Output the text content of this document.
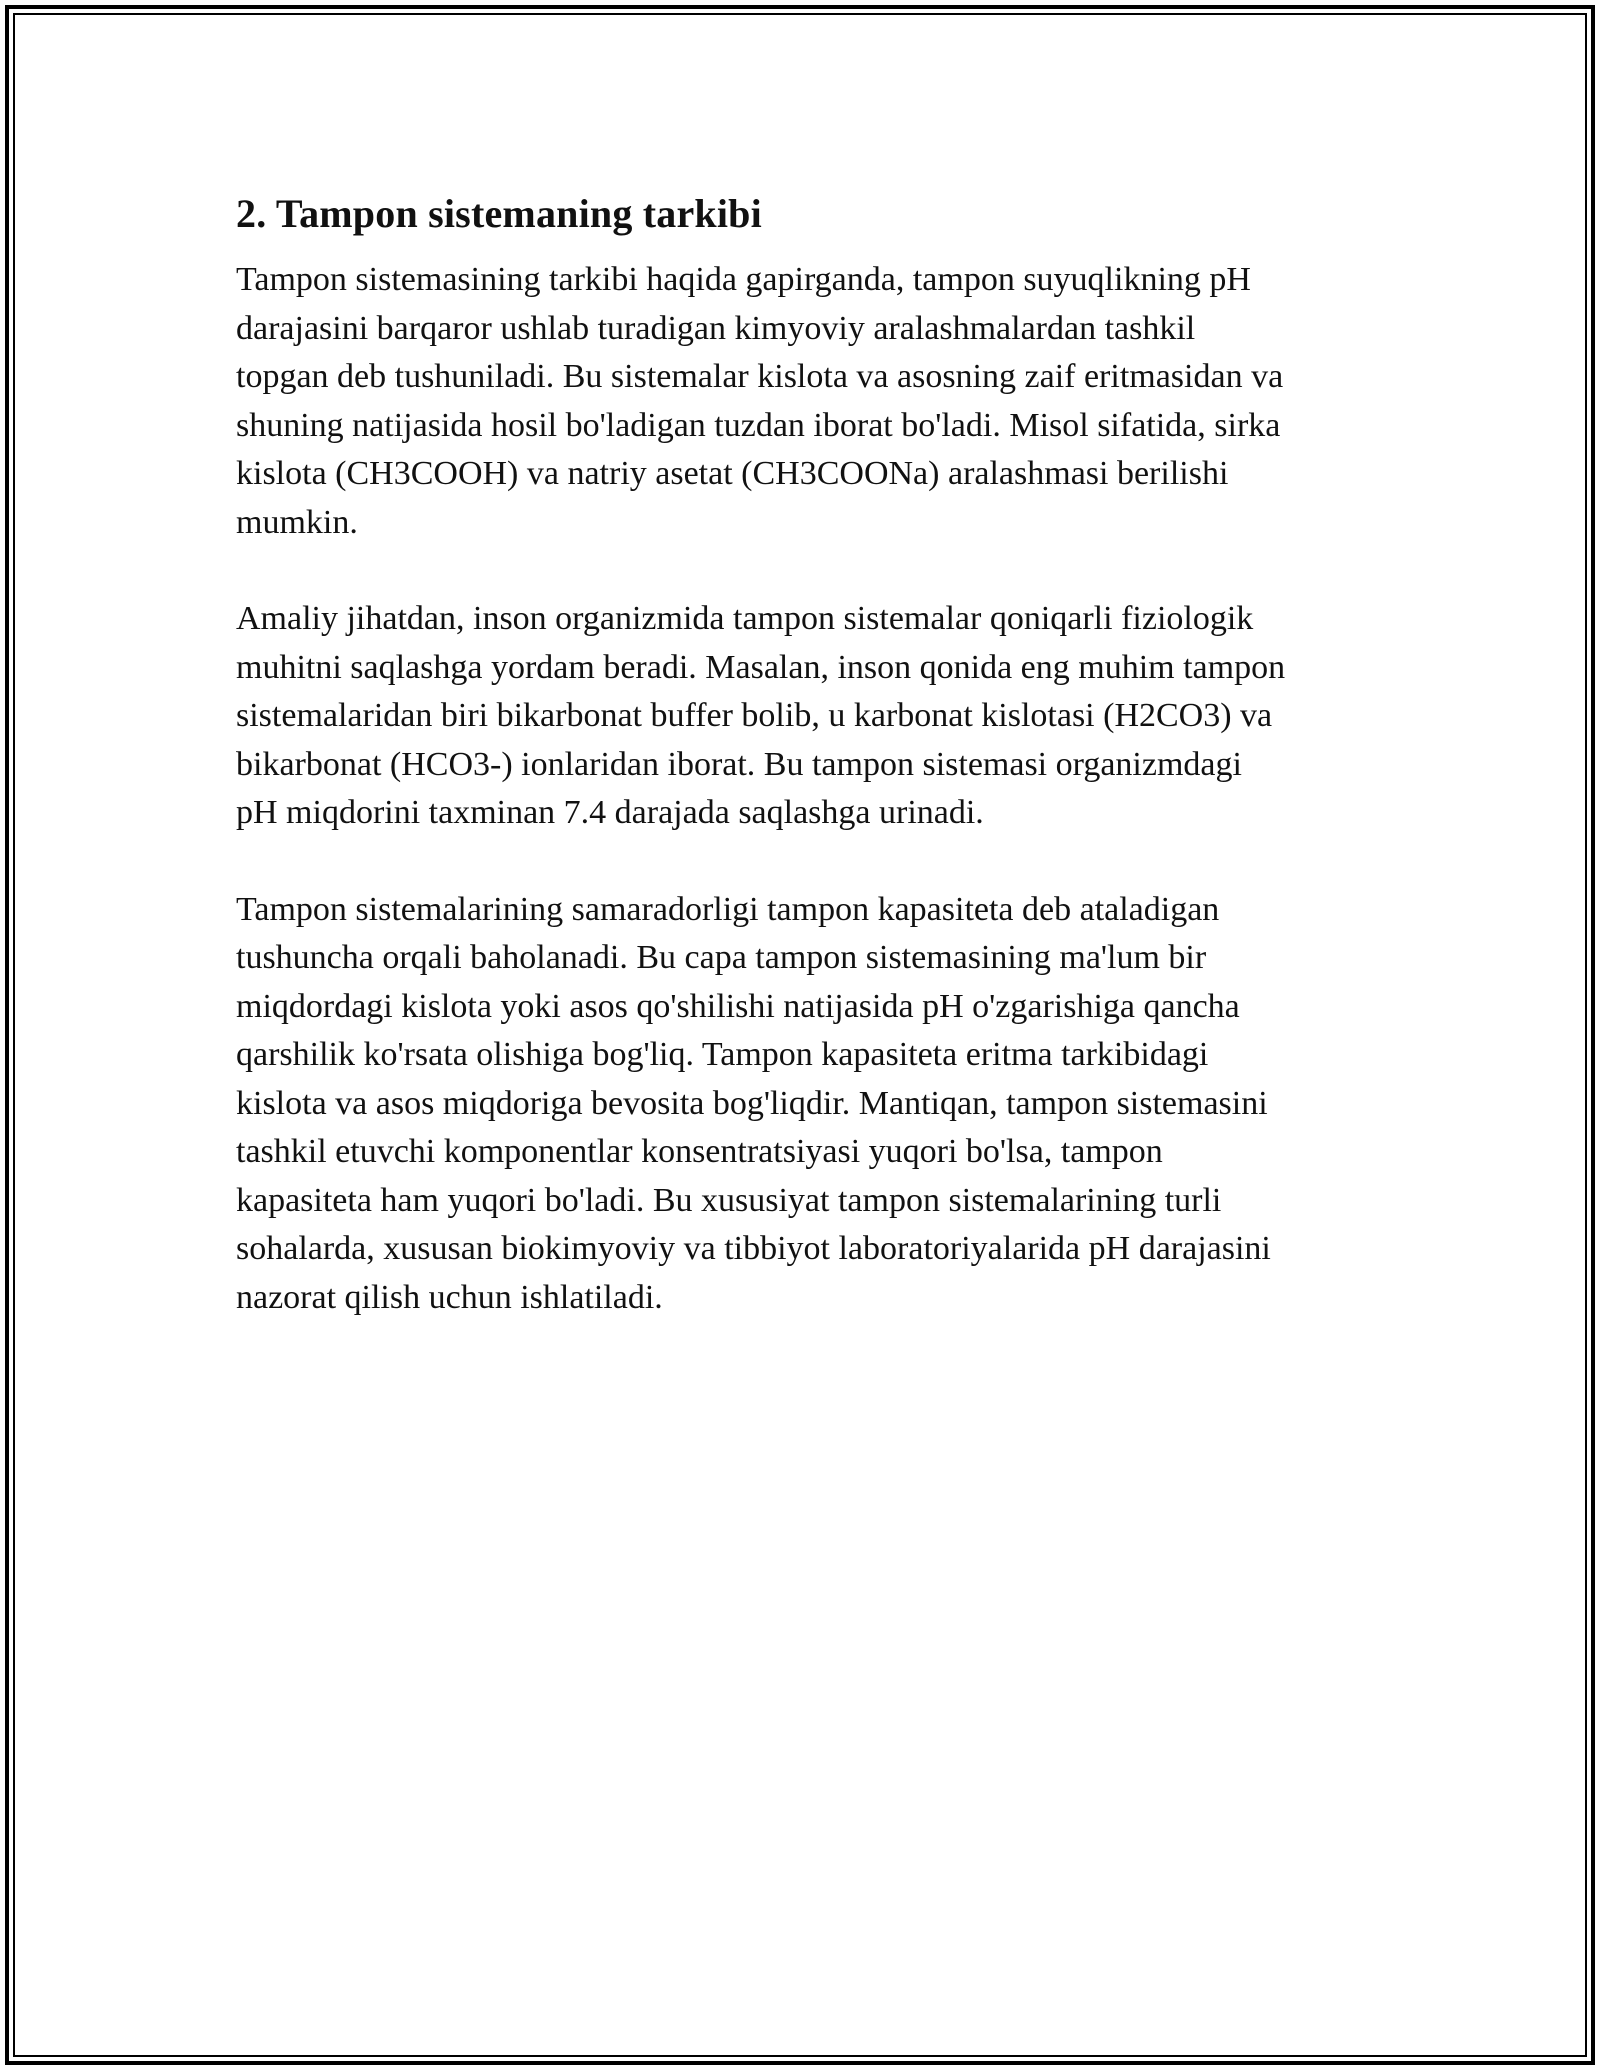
2. Tampon sistemaning tarkibi

Tampon sistemasining tarkibi haqida gapirganda, tampon suyuqlikning pH
darajasini barqaror ushlab turadigan kimyoviy aralashmalardan tashkil
topgan deb tushuniladi. Bu sistemalar kislota va asosning zaif eritmasidan va
shuning natijasida hosil bo'ladigan tuzdan iborat bo'ladi. Misol sifatida, sirka
kislota (CH3COOH) va natriy asetat (CH3COONa) aralashmasi berilishi
mumkin.

Amaliy jihatdan, inson organizmida tampon sistemalar qoniqarli fiziologik
muhitni saqlashga yordam beradi. Masalan, inson qonida eng muhim tampon
sistemalaridan biri bikarbonat buffer bolib, u karbonat kislotasi (H2CO3) va
bikarbonat (HCO3-) ionlaridan iborat. Bu tampon sistemasi organizmdagi
pH miqdorini taxminan 7.4 darajada saqlashga urinadi.

Tampon sistemalarining samaradorligi tampon kapasiteta deb ataladigan
tushuncha orqali baholanadi. Bu capa tampon sistemasining ma'lum bir
miqdordagi kislota yoki asos qo'shilishi natijasida pH o'zgarishiga qancha
qarshilik ko'rsata olishiga bog'liq. Tampon kapasiteta eritma tarkibidagi
kislota va asos miqdoriga bevosita bog'liqdir. Mantiqan, tampon sistemasini
tashkil etuvchi komponentlar konsentratsiyasi yuqori bo'lsa, tampon
kapasiteta ham yuqori bo'ladi. Bu xususiyat tampon sistemalarining turli
sohalarda, xususan biokimyoviy va tibbiyot laboratoriyalarida pH darajasini
nazorat qilish uchun ishlatiladi.
